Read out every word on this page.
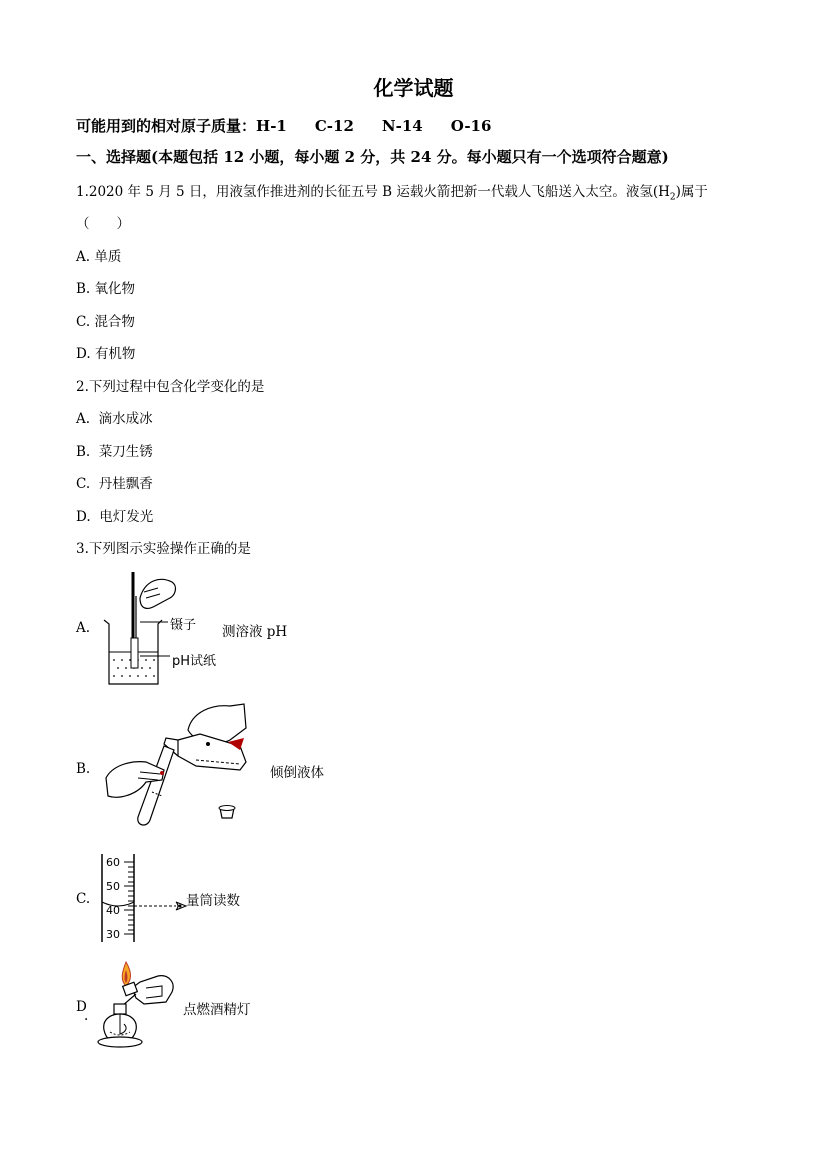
化学试题
可能用到的相对原子质量：H-1 C-12 N-14 O-16
一、选择题(本题包括 12 小题，每小题 2 分，共 24 分。每小题只有一个选项符合题意)
1.2020 年 5 月 5 日，用液氢作推进剂的长征五号 B 运载火箭把新一代载人飞船送入太空。液氢$(H_2)$属于
（　　）
A. 单质
B. 氧化物
C. 混合物
D. 有机物
2.下列过程中包含化学变化的是
A. 滴水成冰
B. 菜刀生锈
C. 丹桂飘香
D. 电灯发光
3.下列图示实验操作正确的是
A.	镊子
pH试纸
测溶液 pH
B.	倾倒液体
C.
60
50
40
30
量筒读数
D
.	点燃酒精灯
